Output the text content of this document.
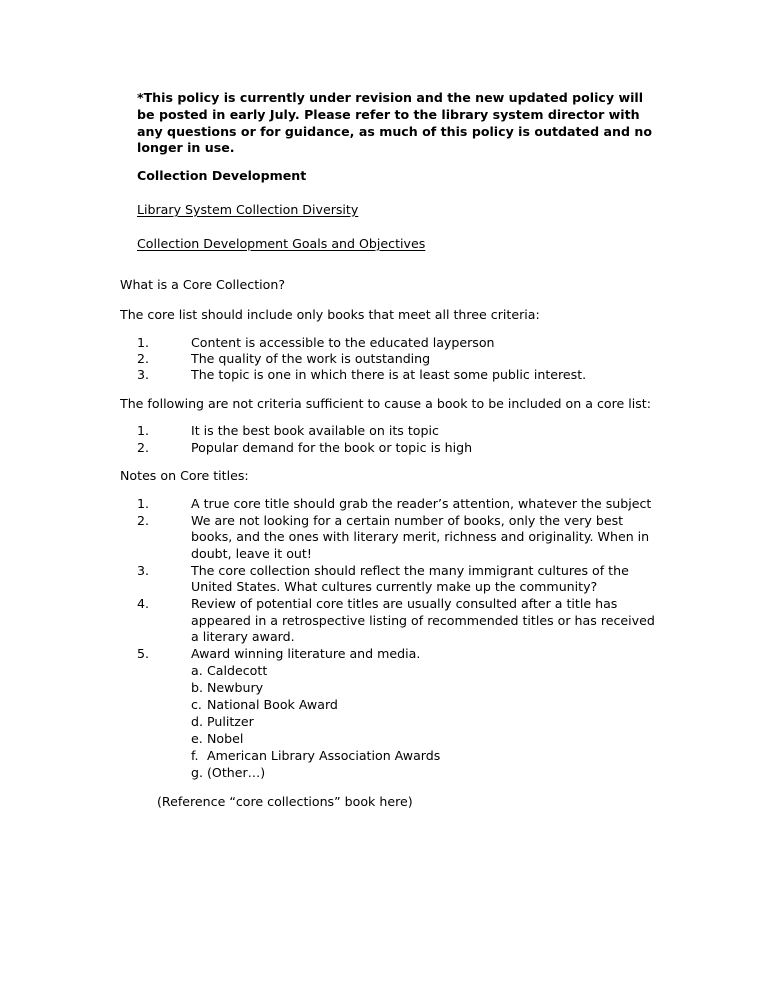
*This policy is currently under revision and the new updated policy will
be posted in early July. Please refer to the library system director with
any questions or for guidance, as much of this policy is outdated and no
longer in use.
Collection Development
Library System Collection Diversity
Collection Development Goals and Objectives
What is a Core Collection?
The core list should include only books that meet all three criteria:
1.	Content is accessible to the educated layperson
2.	The quality of the work is outstanding
3.	The topic is one in which there is at least some public interest.
The following are not criteria sufficient to cause a book to be included on a core list:
1.	It is the best book available on its topic
2.	Popular demand for the book or topic is high
Notes on Core titles:
1.	A true core title should grab the reader’s attention, whatever the subject
2.	We are not looking for a certain number of books, only the very best
books, and the ones with literary merit, richness and originality. When in
doubt, leave it out!
3.	The core collection should reflect the many immigrant cultures of the
United States. What cultures currently make up the community?
4.	Review of potential core titles are usually consulted after a title has
appeared in a retrospective listing of recommended titles or has received
a literary award.
5.	Award winning literature and media.
a. Caldecott
b. Newbury
c. National Book Award
d. Pulitzer
e. Nobel
f. American Library Association Awards
g. (Other…)
(Reference “core collections” book here)
